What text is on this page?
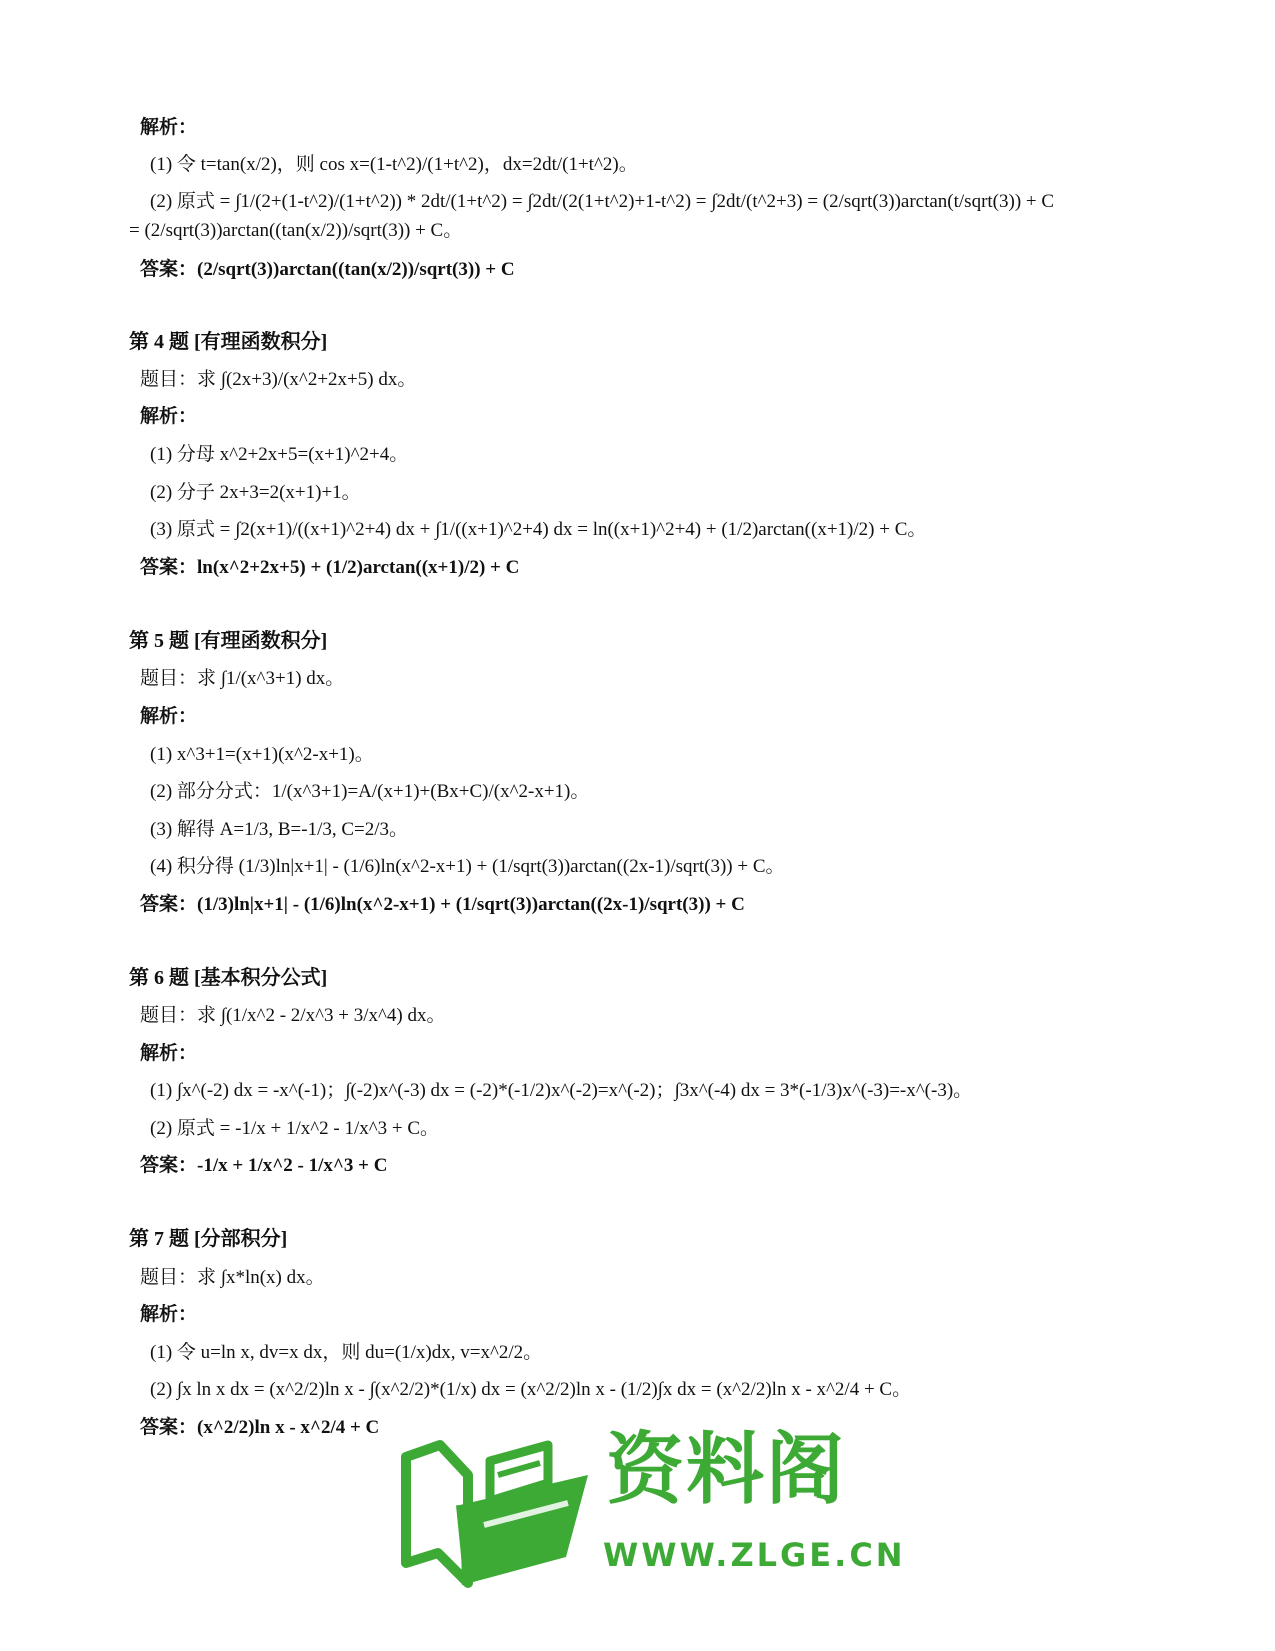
解析：
(1) 令 t=tan(x/2)，则 cos x=(1-t^2)/(1+t^2)，dx=2dt/(1+t^2)。
(2) 原式 = ∫1/(2+(1-t^2)/(1+t^2)) * 2dt/(1+t^2) = ∫2dt/(2(1+t^2)+1-t^2) = ∫2dt/(t^2+3) = (2/sqrt(3))arctan(t/sqrt(3)) + C
= (2/sqrt(3))arctan((tan(x/2))/sqrt(3)) + C。
答案：(2/sqrt(3))arctan((tan(x/2))/sqrt(3)) + C
第 4 题 [有理函数积分]
题目：求 ∫(2x+3)/(x^2+2x+5) dx。
解析：
(1) 分母 x^2+2x+5=(x+1)^2+4。
(2) 分子 2x+3=2(x+1)+1。
(3) 原式 = ∫2(x+1)/((x+1)^2+4) dx + ∫1/((x+1)^2+4) dx = ln((x+1)^2+4) + (1/2)arctan((x+1)/2) + C。
答案：ln(x^2+2x+5) + (1/2)arctan((x+1)/2) + C
第 5 题 [有理函数积分]
题目：求 ∫1/(x^3+1) dx。
解析：
(1) x^3+1=(x+1)(x^2-x+1)。
(2) 部分分式：1/(x^3+1)=A/(x+1)+(Bx+C)/(x^2-x+1)。
(3) 解得 A=1/3, B=-1/3, C=2/3。
(4) 积分得 (1/3)ln|x+1| - (1/6)ln(x^2-x+1) + (1/sqrt(3))arctan((2x-1)/sqrt(3)) + C。
答案：(1/3)ln|x+1| - (1/6)ln(x^2-x+1) + (1/sqrt(3))arctan((2x-1)/sqrt(3)) + C
第 6 题 [基本积分公式]
题目：求 ∫(1/x^2 - 2/x^3 + 3/x^4) dx。
解析：
(1) ∫x^(-2) dx = -x^(-1)；∫(-2)x^(-3) dx = (-2)*(-1/2)x^(-2)=x^(-2)；∫3x^(-4) dx = 3*(-1/3)x^(-3)=-x^(-3)。
(2) 原式 = -1/x + 1/x^2 - 1/x^3 + C。
答案：-1/x + 1/x^2 - 1/x^3 + C
第 7 题 [分部积分]
题目：求 ∫x*ln(x) dx。
解析：
(1) 令 u=ln x, dv=x dx，则 du=(1/x)dx, v=x^2/2。
(2) ∫x ln x dx = (x^2/2)ln x - ∫(x^2/2)*(1/x) dx = (x^2/2)ln x - (1/2)∫x dx = (x^2/2)ln x - x^2/4 + C。
答案：(x^2/2)ln x - x^2/4 + C	资料阁
WWW.ZLGE.CN
